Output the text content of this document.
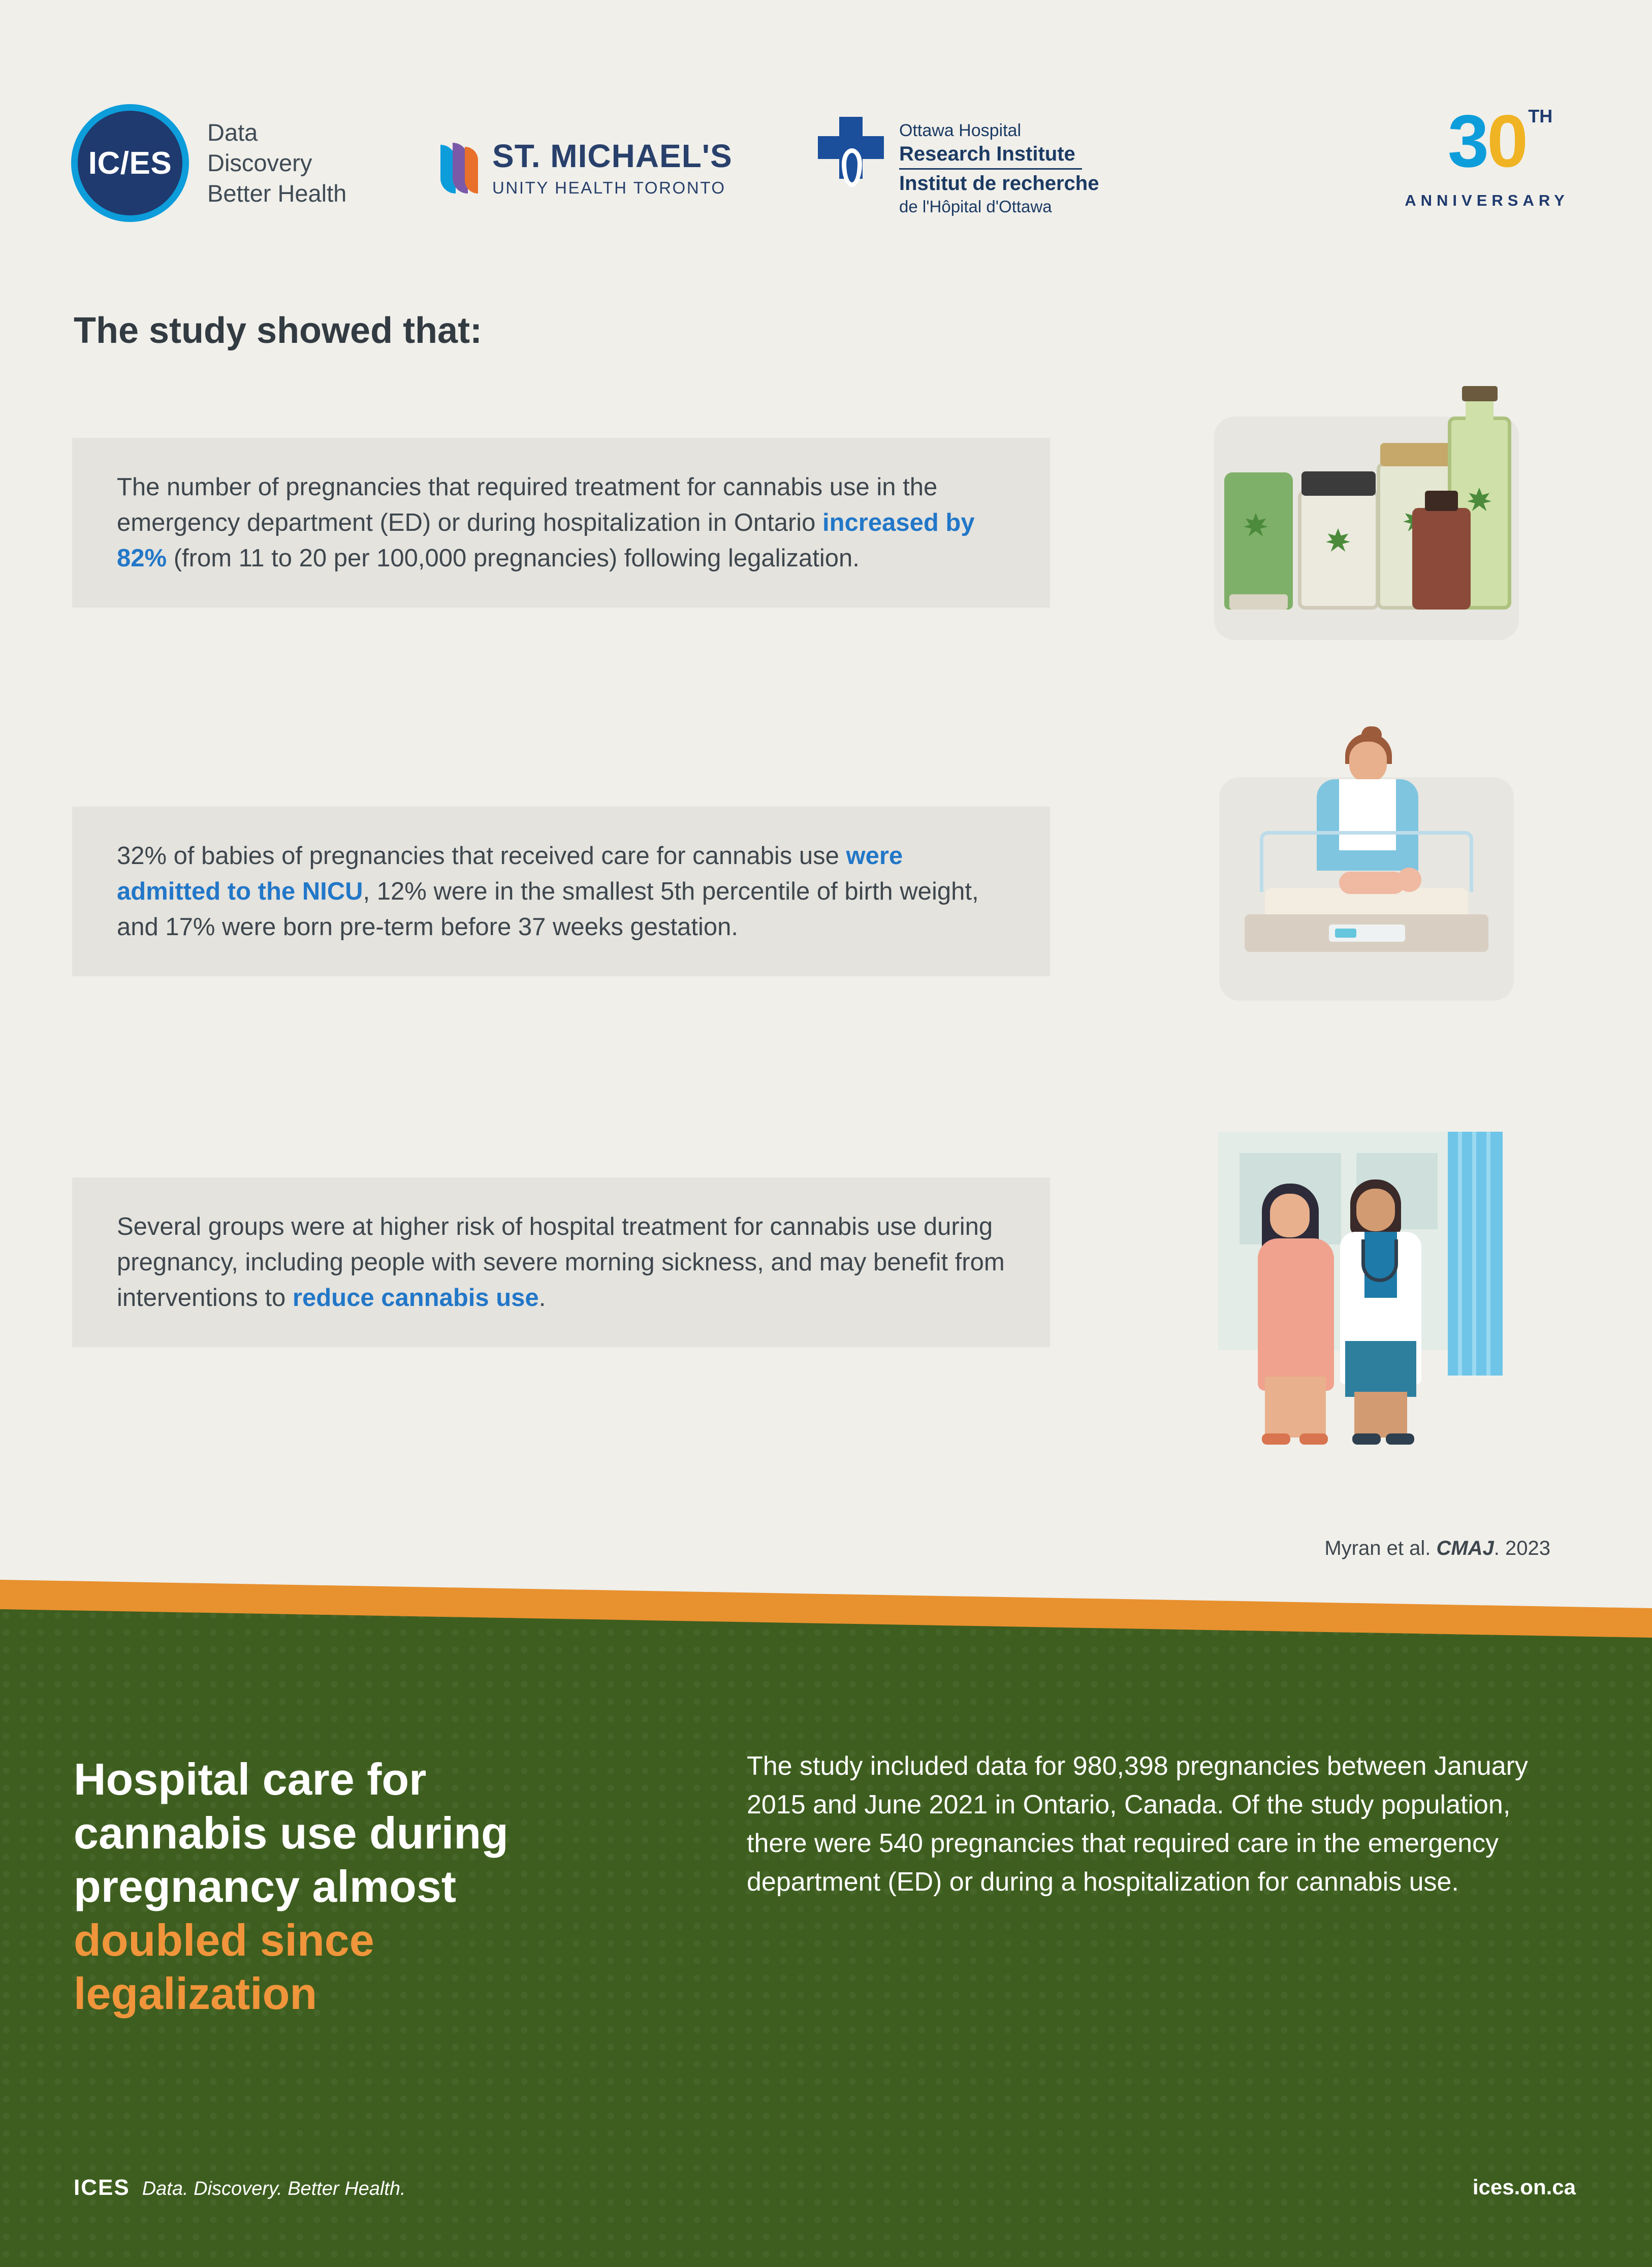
IC/ES
Data
Discovery
Better Health
ST. MICHAEL'S
UNITY HEALTH TORONTO
Ottawa Hospital
Research Institute
Institut de recherche
de l'Hôpital d'Ottawa
30 TH
ANNIVERSARY
The study showed that:
The number of pregnancies that required treatment for cannabis use in the emergency department (ED) or during hospitalization in Ontario increased by 82% (from 11 to 20 per 100,000 pregnancies) following legalization.
32% of babies of pregnancies that received care for cannabis use were admitted to the NICU, 12% were in the smallest 5th percentile of birth weight, and 17% were born pre-term before 37 weeks gestation.
Several groups were at higher risk of hospital treatment for cannabis use during pregnancy, including people with severe morning sickness, and may benefit from interventions to reduce cannabis use.
Myran et al. CMAJ. 2023
Hospital care for
cannabis use during
pregnancy almost
doubled since
legalization
The study included data for 980,398 pregnancies between January 2015 and June 2021 in Ontario, Canada. Of the study population, there were 540 pregnancies that required care in the emergency department (ED) or during a hospitalization for cannabis use.
ICES Data. Discovery. Better Health.	ices.on.ca
